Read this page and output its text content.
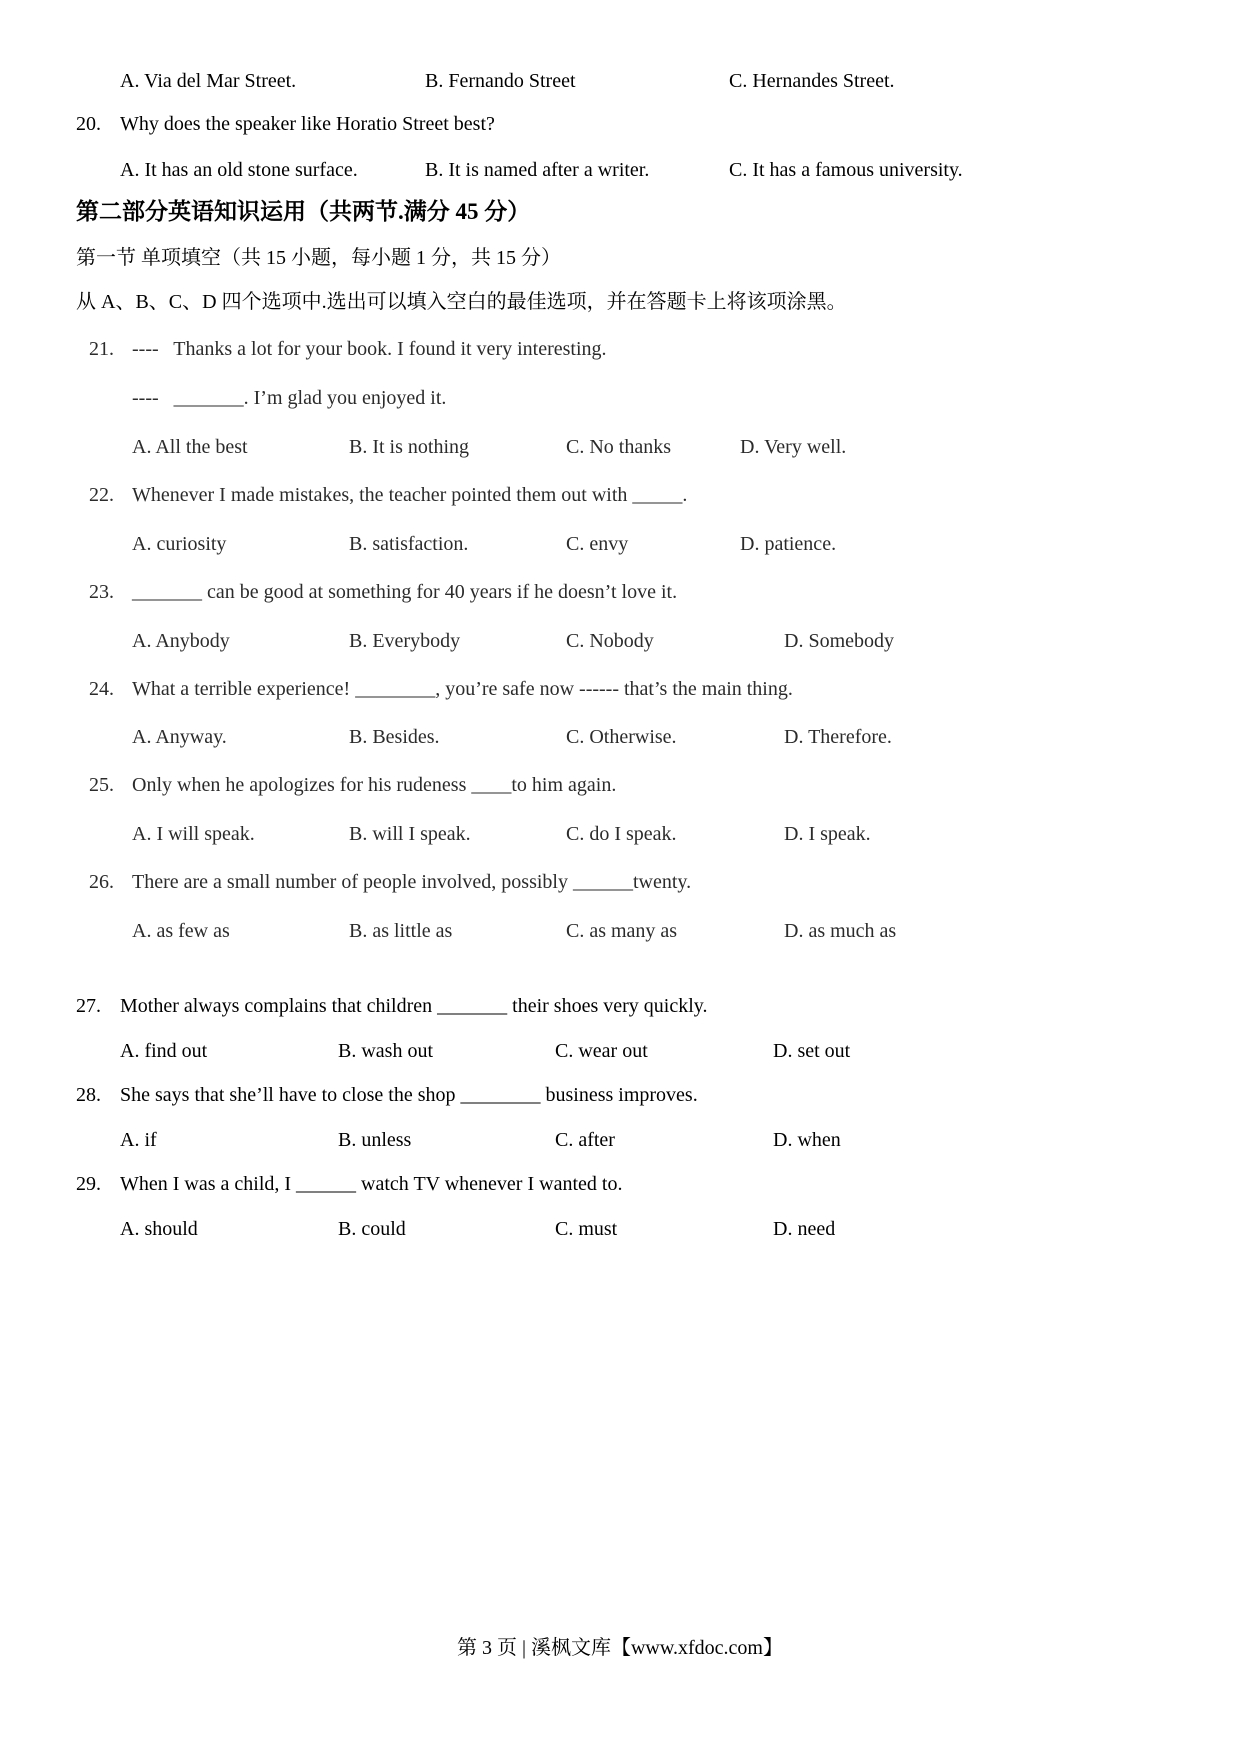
A. Via del Mar Street.	B. Fernando Street	C. Hernandes Street.
20. Why does the speaker like Horatio Street best?
A. It has an old stone surface.	B. It is named after a writer.	C. It has a famous university.
第二部分英语知识运用（共两节.满分 45 分）
第一节 单项填空（共 15 小题，每小题 1 分，共 15 分）
从 A、B、C、D 四个选项中.选出可以填入空白的最佳选项，并在答题卡上将该项涂黑。
21. ----   Thanks a lot for your book. I found it very interesting.
----   _______. I’m glad you enjoyed it.
A. All the best	B. It is nothing	C. No thanks	D. Very well.
22. Whenever I made mistakes, the teacher pointed them out with _____.
A. curiosity	B. satisfaction.	C. envy	D. patience.
23. _______ can be good at something for 40 years if he doesn’t love it.
A. Anybody	B. Everybody	C. Nobody	D. Somebody
24. What a terrible experience! ________, you’re safe now ------ that’s the main thing.
A. Anyway.	B. Besides.	C. Otherwise.	D. Therefore.
25. Only when he apologizes for his rudeness ____to him again.
A. I will speak.	B. will I speak.	C. do I speak.	D. I speak.
26. There are a small number of people involved, possibly ______twenty.
A. as few as	B. as little as	C. as many as	D. as much as
27. Mother always complains that children _______ their shoes very quickly.
A. find out	B. wash out	C. wear out	D. set out
28. She says that she’ll have to close the shop ________ business improves.
A. if	B. unless	C. after	D. when
29. When I was a child, I ______ watch TV whenever I wanted to.
A. should	B. could	C. must	D. need
第 3 页 | 溪枫文库【www.xfdoc.com】
